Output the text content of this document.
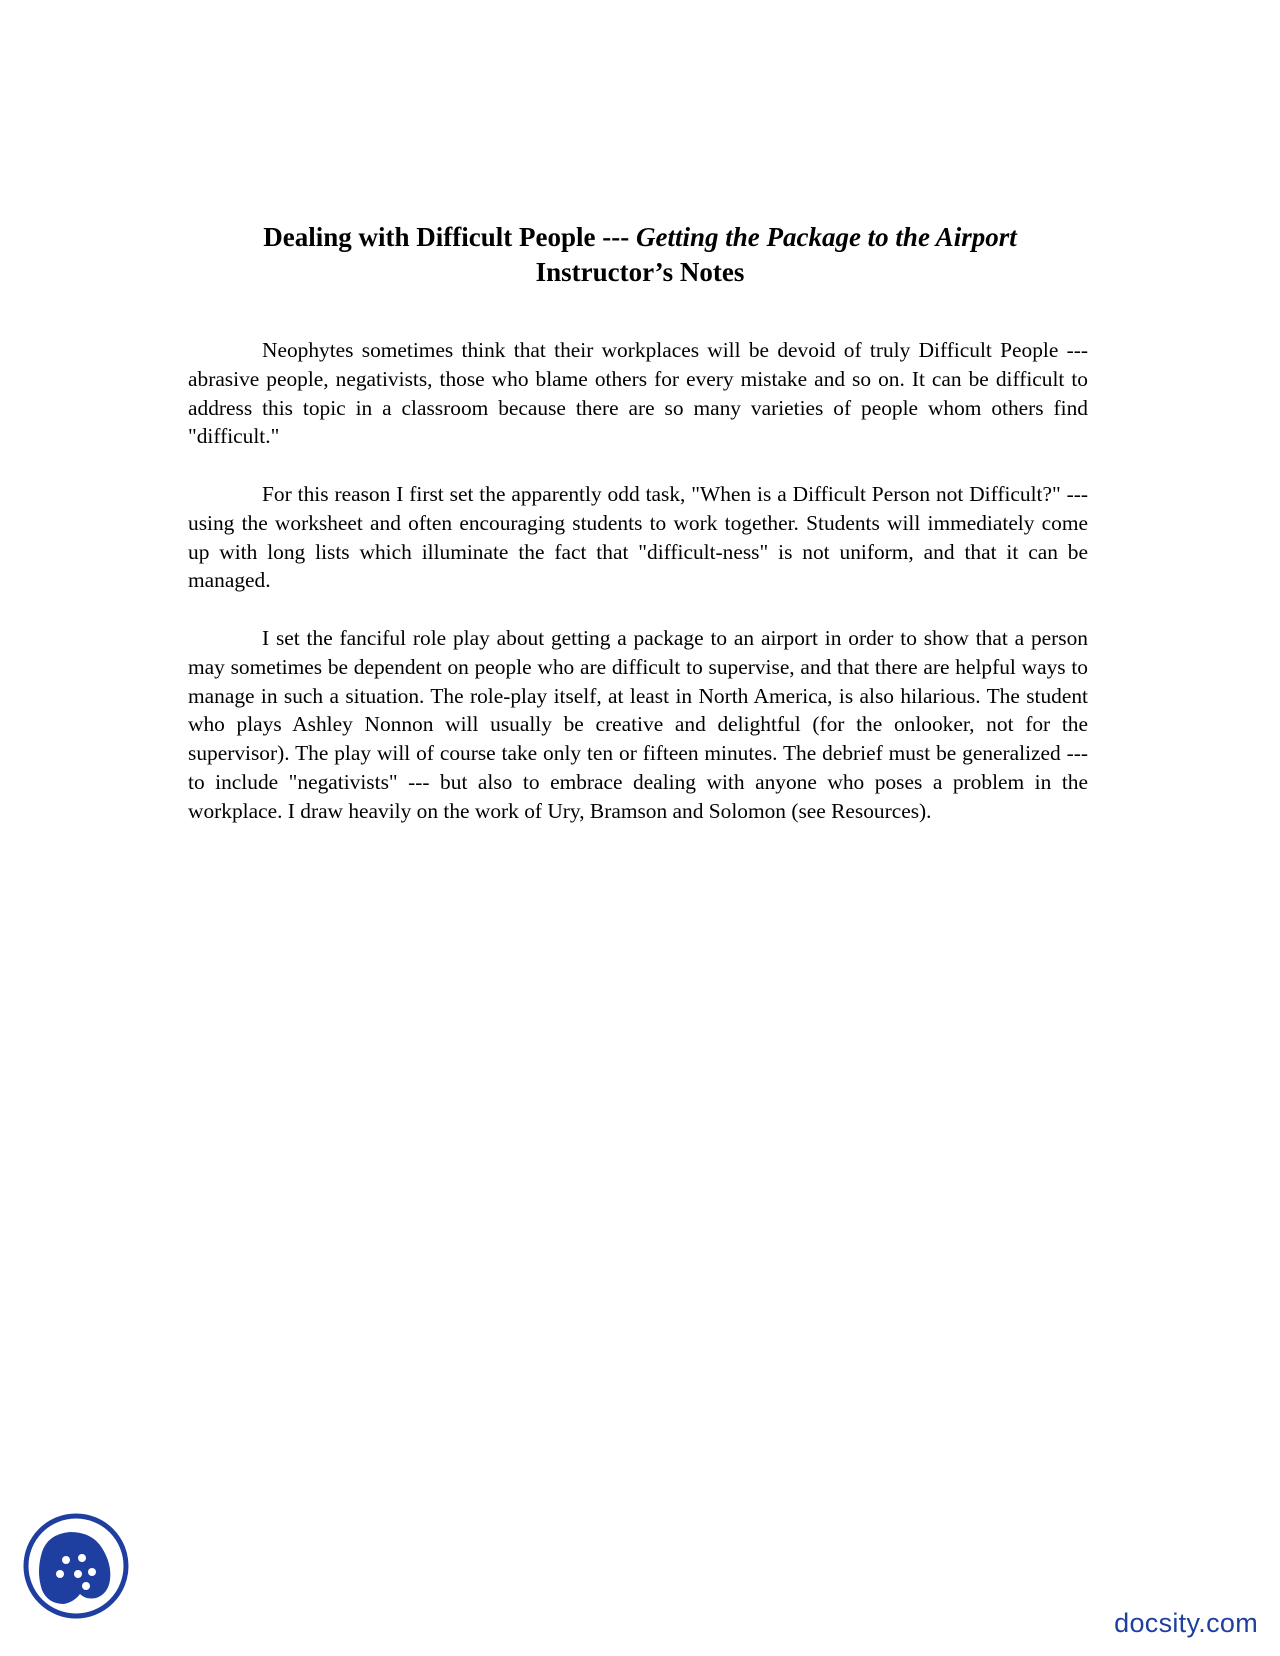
Dealing with Difficult People --- Getting the Package to the Airport
Instructor’s Notes

Neophytes sometimes think that their workplaces will be devoid of truly Difficult People --- abrasive people, negativists, those who blame others for every mistake and so on. It can be difficult to address this topic in a classroom because there are so many varieties of people whom others find "difficult."

For this reason I first set the apparently odd task, "When is a Difficult Person not Difficult?" --- using the worksheet and often encouraging students to work together. Students will immediately come up with long lists which illuminate the fact that "difficult-ness" is not uniform, and that it can be managed.

I set the fanciful role play about getting a package to an airport in order to show that a person may sometimes be dependent on people who are difficult to supervise, and that there are helpful ways to manage in such a situation. The role-play itself, at least in North America, is also hilarious. The student who plays Ashley Nonnon will usually be creative and delightful (for the onlooker, not for the supervisor). The play will of course take only ten or fifteen minutes. The debrief must be generalized --- to include "negativists" --- but also to embrace dealing with anyone who poses a problem in the workplace. I draw heavily on the work of Ury, Bramson and Solomon (see Resources).

docsity.com
